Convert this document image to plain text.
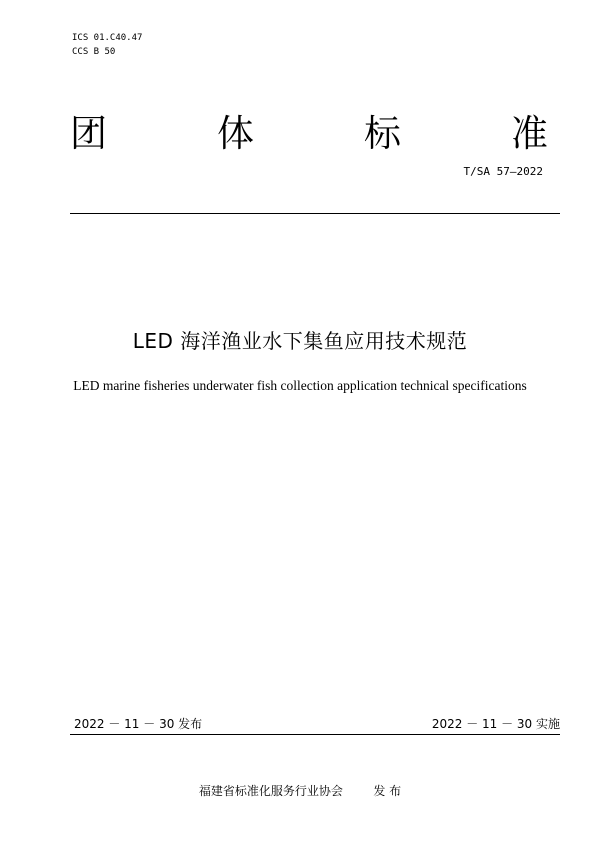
ICS 01.C40.47
CCS B 50
团	体	标	准
T/SA 57—2022
LED 海洋渔业水下集鱼应用技术规范
LED marine fisheries underwater fish collection application technical specifications
2022 － 11 － 30 发布	2022 － 11 － 30 实施
福建省标准化服务行业协会	发 布
